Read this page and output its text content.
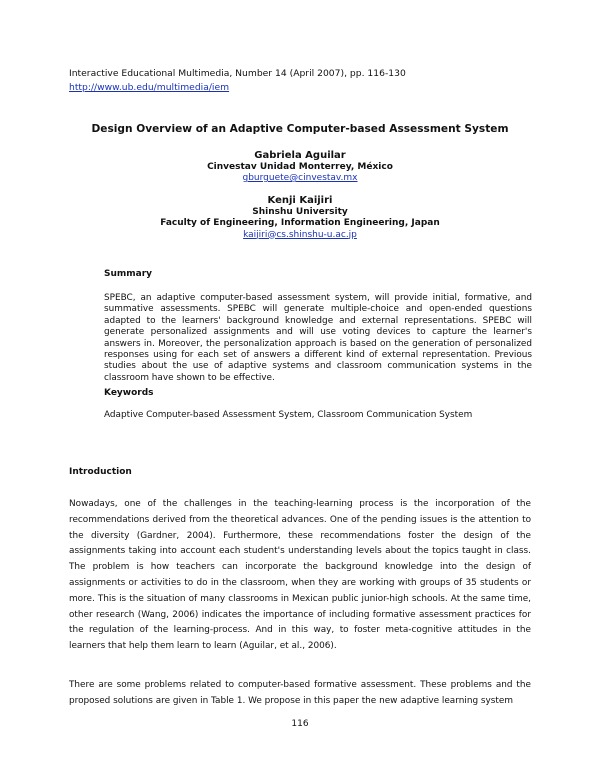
Interactive Educational Multimedia, Number 14 (April 2007), pp. 116-130
http://www.ub.edu/multimedia/iem
Design Overview of an Adaptive Computer-based Assessment System
Gabriela Aguilar
Cinvestav Unidad Monterrey, México
gburguete@cinvestav.mx
Kenji Kaijiri
Shinshu University
Faculty of Engineering, Information Engineering, Japan
kaijiri@cs.shinshu-u.ac.jp
Summary
SPEBC, an adaptive computer-based assessment system, will provide initial, formative, and summative assessments. SPEBC will generate multiple-choice and open-ended questions adapted to the learners' background knowledge and external representations. SPEBC will generate personalized assignments and will use voting devices to capture the learner's answers in. Moreover, the personalization approach is based on the generation of personalized responses using for each set of answers a different kind of external representation. Previous studies about the use of adaptive systems and classroom communication systems in the classroom have shown to be effective.
Keywords
Adaptive Computer-based Assessment System, Classroom Communication System
Introduction
Nowadays, one of the challenges in the teaching-learning process is the incorporation of the recommendations derived from the theoretical advances. One of the pending issues is the attention to the diversity (Gardner, 2004). Furthermore, these recommendations foster the design of the assignments taking into account each student's understanding levels about the topics taught in class. The problem is how teachers can incorporate the background knowledge into the design of assignments or activities to do in the classroom, when they are working with groups of 35 students or more. This is the situation of many classrooms in Mexican public junior-high schools. At the same time, other research (Wang, 2006) indicates the importance of including formative assessment practices for the regulation of the learning-process. And in this way, to foster meta-cognitive attitudes in the learners that help them learn to learn (Aguilar, et al., 2006).
There are some problems related to computer-based formative assessment. These problems and the proposed solutions are given in Table 1. We propose in this paper the new adaptive learning system
116
